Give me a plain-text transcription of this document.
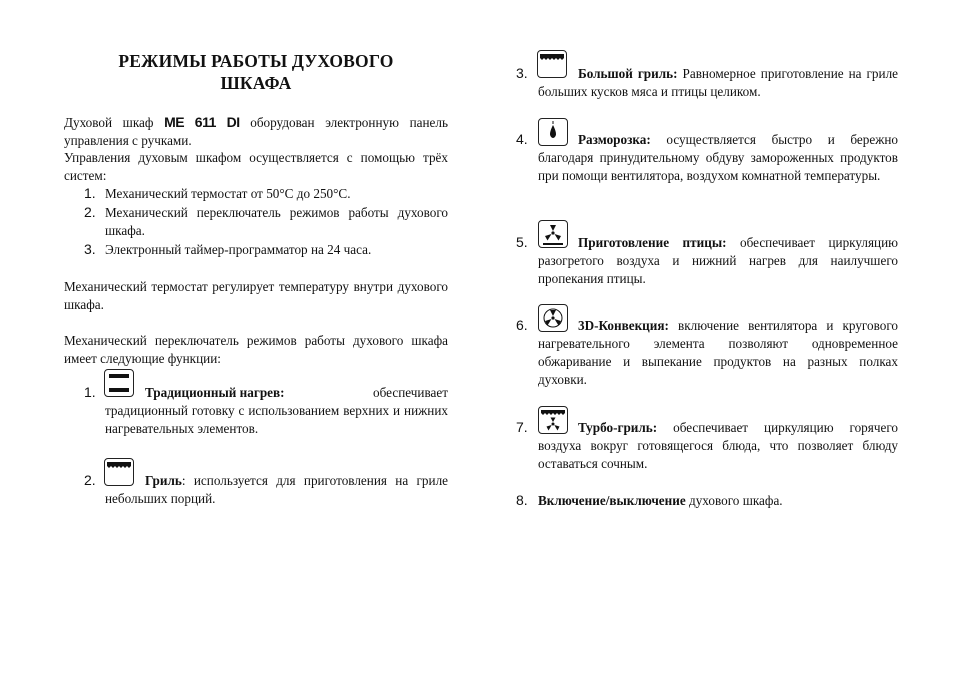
РЕЖИМЫ РАБОТЫ ДУХОВОГО
ШКАФА
Духовой шкаф ME 611 DI оборудован электронную панель управления с ручками.
Управления духовым шкафом осуществляется с помощью трёх систем:
1. Механический термостат от 50°C до 250°C.
2. Механический переключатель режимов работы духового шкафа.
3. Электронный таймер-программатор на 24 часа.
Механический термостат регулирует температуру внутри духового шкафа.
Механический переключатель режимов работы духового шкафа имеет следующие функции:
1.	Традиционный нагрев:	обеспечивает традиционный готовку с использованием верхних и нижних нагревательных элементов.
2.	Гриль: используется для приготовления на гриле небольших порций.
3.	Большой гриль: Равномерное приготовление на гриле больших кусков мяса и птицы целиком.
4.	Разморозка: осуществляется быстро и бережно благодаря принудительному обдуву замороженных продуктов при помощи вентилятора, воздухом комнатной температуры.
5.	Приготовление птицы: обеспечивает циркуляцию разогретого воздуха и нижний нагрев для наилучшего пропекания птицы.
6.	3D-Конвекция: включение вентилятора и кругового нагревательного элемента позволяют одновременное обжаривание и выпекание продуктов на разных полках духовки.
7.	Турбо-гриль: обеспечивает циркуляцию горячего воздуха вокруг готовящегося блюда, что позволяет блюду оставаться сочным.
8. Включение/выключение духового шкафа.
